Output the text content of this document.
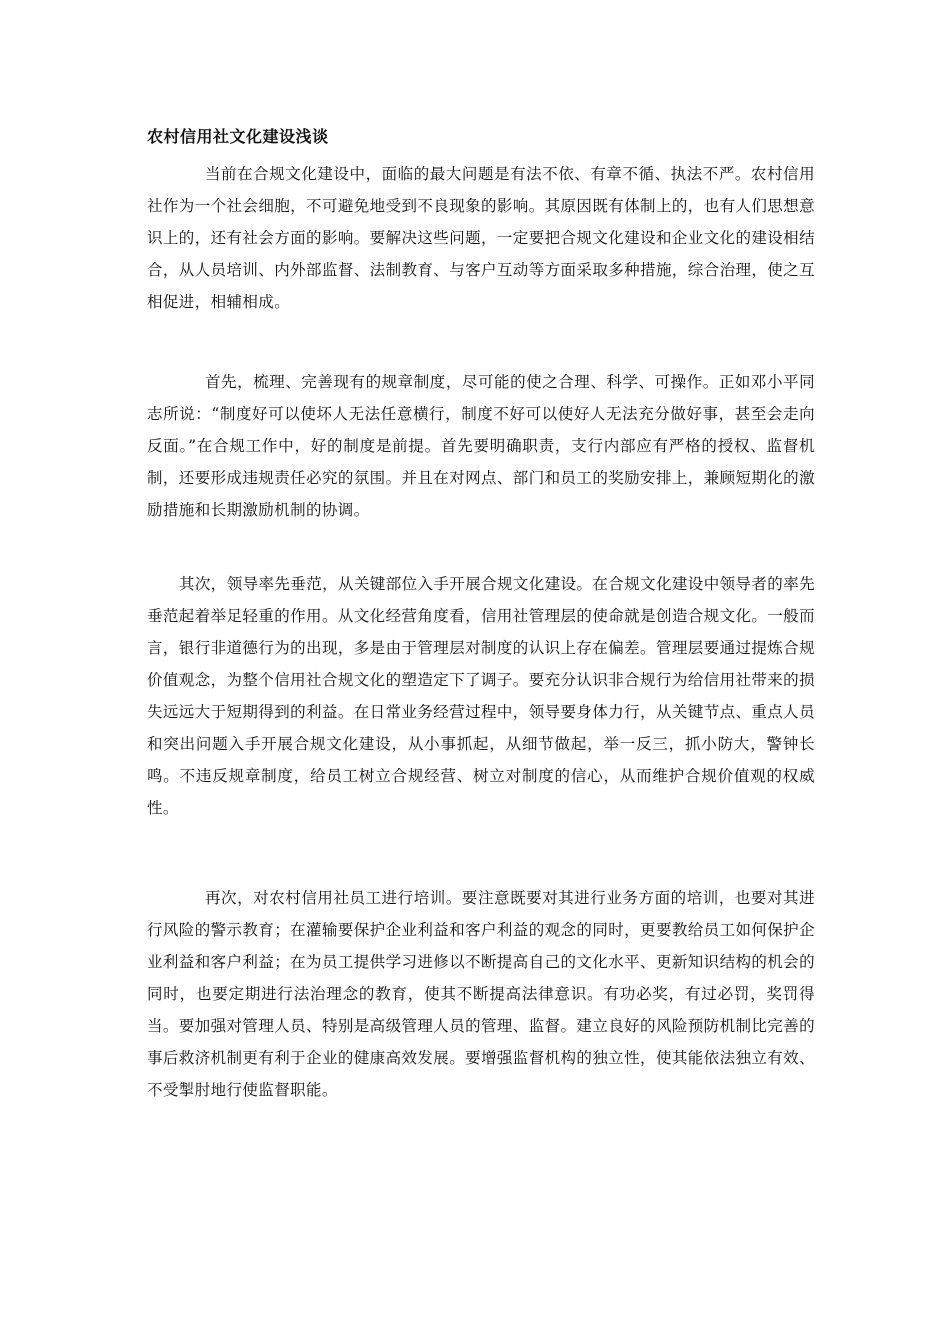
农村信用社文化建设浅谈

当前在合规文化建设中，面临的最大问题是有法不依、有章不循、执法不严。农村信用社作为一个社会细胞，不可避免地受到不良现象的影响。其原因既有体制上的，也有人们思想意识上的，还有社会方面的影响。要解决这些问题，一定要把合规文化建设和企业文化的建设相结合，从人员培训、内外部监督、法制教育、与客户互动等方面采取多种措施，综合治理，使之互相促进，相辅相成。

首先，梳理、完善现有的规章制度，尽可能的使之合理、科学、可操作。正如邓小平同志所说：“制度好可以使坏人无法任意横行，制度不好可以使好人无法充分做好事，甚至会走向反面。”在合规工作中，好的制度是前提。首先要明确职责，支行内部应有严格的授权、监督机制，还要形成违规责任必究的氛围。并且在对网点、部门和员工的奖励安排上，兼顾短期化的激励措施和长期激励机制的协调。

其次，领导率先垂范，从关键部位入手开展合规文化建设。在合规文化建设中领导者的率先垂范起着举足轻重的作用。从文化经营角度看，信用社管理层的使命就是创造合规文化。一般而言，银行非道德行为的出现，多是由于管理层对制度的认识上存在偏差。管理层要通过提炼合规价值观念，为整个信用社合规文化的塑造定下了调子。要充分认识非合规行为给信用社带来的损失远远大于短期得到的利益。在日常业务经营过程中，领导要身体力行，从关键节点、重点人员和突出问题入手开展合规文化建设，从小事抓起，从细节做起，举一反三，抓小防大，警钟长鸣。不违反规章制度，给员工树立合规经营、树立对制度的信心，从而维护合规价值观的权威性。

再次，对农村信用社员工进行培训。要注意既要对其进行业务方面的培训，也要对其进行风险的警示教育；在灌输要保护企业利益和客户利益的观念的同时，更要教给员工如何保护企业利益和客户利益；在为员工提供学习进修以不断提高自己的文化水平、更新知识结构的机会的同时，也要定期进行法治理念的教育，使其不断提高法律意识。有功必奖，有过必罚，奖罚得当。要加强对管理人员、特别是高级管理人员的管理、监督。建立良好的风险预防机制比完善的事后救济机制更有利于企业的健康高效发展。要增强监督机构的独立性，使其能依法独立有效、不受掣肘地行使监督职能。
